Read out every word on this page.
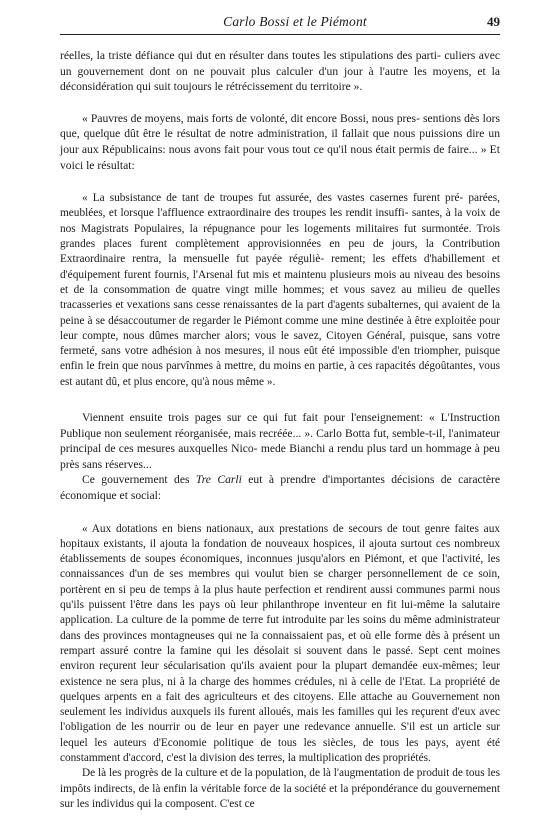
Carlo Bossi et le Piémont	49

réelles, la triste défiance qui dut en résulter dans toutes les stipulations des parti- culiers avec un gouvernement dont on ne pouvait plus calculer d'un jour à l'autre les moyens, et la déconsidération qui suit toujours le rétrécissement du territoire ».

« Pauvres de moyens, mais forts de volonté, dit encore Bossi, nous pres- sentions dès lors que, quelque dût être le résultat de notre administration, il fallait que nous puissions dire un jour aux Républicains: nous avons fait pour vous tout ce qu'il nous était permis de faire... » Et voici le résultat:

« La subsistance de tant de troupes fut assurée, des vastes casernes furent pré- parées, meublées, et lorsque l'affluence extraordinaire des troupes les rendit insuffi- santes, à la voix de nos Magistrats Populaires, la répugnance pour les logements militaires fut surmontée. Trois grandes places furent complètement approvisionnées en peu de jours, la Contribution Extraordinaire rentra, la mensuelle fut payée réguliè- rement; les effets d'habillement et d'équipement furent fournis, l'Arsenal fut mis et maintenu plusieurs mois au niveau des besoins et de la consommation de quatre vingt mille hommes; et vous savez au milieu de quelles tracasseries et vexations sans cesse renaissantes de la part d'agents subalternes, qui avaient de la peine à se désaccoutumer de regarder le Piémont comme une mine destinée à être exploitée pour leur compte, nous dûmes marcher alors; vous le savez, Citoyen Général, puisque, sans votre fermeté, sans votre adhésion à nos mesures, il nous eût été impossible d'en triompher, puisque enfin le frein que nous parvînmes à mettre, du moins en partie, à ces rapacités dégoûtantes, vous est autant dû, et plus encore, qu'à nous même ».

Viennent ensuite trois pages sur ce qui fut fait pour l'enseignement: « L'Instruction Publique non seulement réorganisée, mais recréée... ». Carlo Botta fut, semble-t-il, l'animateur principal de ces mesures auxquelles Nico- mede Bianchi a rendu plus tard un hommage à peu près sans réserves...

Ce gouvernement des Tre Carli eut à prendre d'importantes décisions de caractère économique et social:

« Aux dotations en biens nationaux, aux prestations de secours de tout genre faites aux hopitaux existants, il ajouta la fondation de nouveaux hospices, il ajouta surtout ces nombreux établissements de soupes économiques, inconnues jusqu'alors en Piémont, et que l'activité, les connaissances d'un de ses membres qui voulut bien se charger personnellement de ce soin, portèrent en si peu de temps à la plus haute perfection et rendirent aussi communes parmi nous qu'ils puissent l'être dans les pays où leur philanthrope inventeur en fit lui-même la salutaire application. La culture de la pomme de terre fut introduite par les soins du même administrateur dans des provinces montagneuses qui ne la connaissaient pas, et où elle forme dès à présent un rempart assuré contre la famine qui les désolait si souvent dans le passé. Sept cent moines environ reçurent leur sécularisation qu'ils avaient pour la plupart demandée eux-mêmes; leur existence ne sera plus, ni à la charge des hommes crédules, ni à celle de l'Etat. La propriété de quelques arpents en a fait des agriculteurs et des citoyens. Elle attache au Gouvernement non seulement les individus auxquels ils furent alloués, mais les familles qui les reçurent d'eux avec l'obligation de les nourrir ou de leur en payer une redevance annuelle. S'il est un article sur lequel les auteurs d'Economie politique de tous les siècles, de tous les pays, ayent été constamment d'accord, c'est la division des terres, la multiplication des propriétés.

De là les progrès de la culture et de la population, de là l'augmentation de produit de tous les impôts indirects, de là enfin la véritable force de la société et la prépondérance du gouvernement sur les individus qui la composent. C'est ce
